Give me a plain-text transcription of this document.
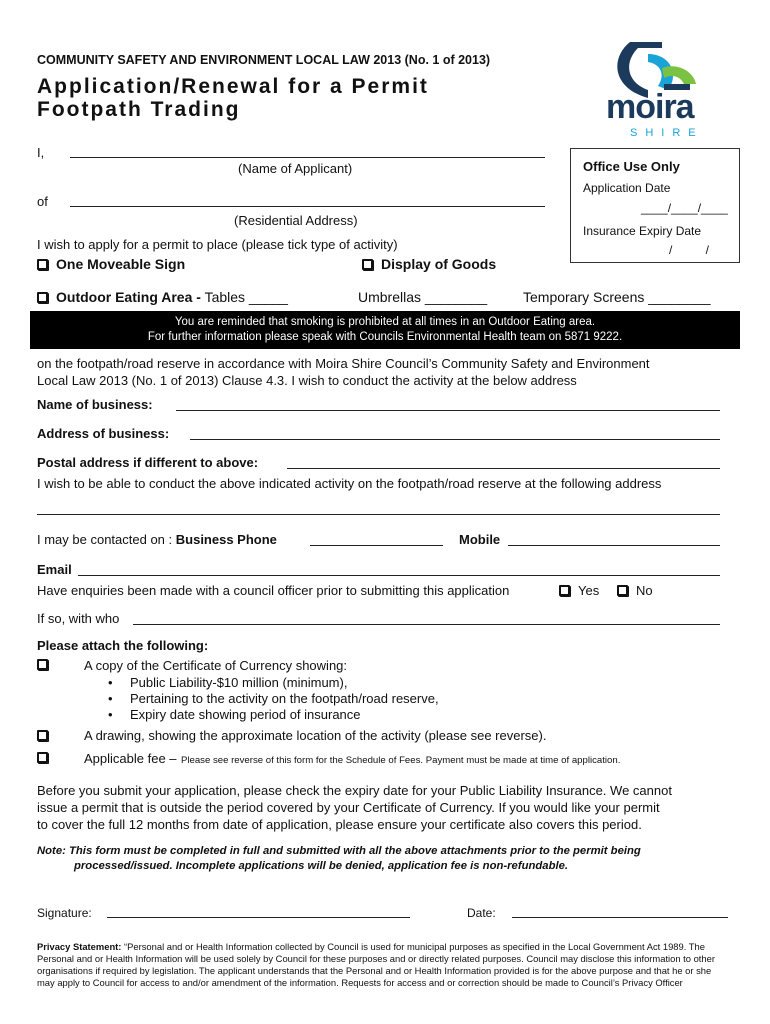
COMMUNITY SAFETY AND ENVIRONMENT LOCAL LAW 2013 (No. 1 of 2013)
Application/Renewal for a Permit
Footpath Trading	moira
SHIRE
I,
(Name of Applicant)
of
(Residential Address)
Office Use Only
Application Date
____/____/____
Insurance Expiry Date
/          /
I wish to apply for a permit to place (please tick type of activity)
One Moveable Sign	Display of Goods
Outdoor Eating Area - Tables _____	Umbrellas ________	Temporary Screens ________
You are reminded that smoking is prohibited at all times in an Outdoor Eating area.
For further information please speak with Councils Environmental Health team on 5871 9222.
on the footpath/road reserve in accordance with Moira Shire Council’s Community Safety and Environment
Local Law 2013 (No. 1 of 2013) Clause 4.3. I wish to conduct the activity at the below address
Name of business:
Address of business:
Postal address if different to above:
I wish to be able to conduct the above indicated activity on the footpath/road reserve at the following address
I may be contacted on : Business Phone	Mobile
Email
Have enquiries been made with a council officer prior to submitting this application	Yes	No
If so, with who
Please attach the following:
A copy of the Certificate of Currency showing:
• Public Liability-$10 million (minimum),
• Pertaining to the activity on the footpath/road reserve,
• Expiry date showing period of insurance
A drawing, showing the approximate location of the activity (please see reverse).
Applicable fee – Please see reverse of this form for the Schedule of Fees. Payment must be made at time of application.
Before you submit your application, please check the expiry date for your Public Liability Insurance. We cannot
issue a permit that is outside the period covered by your Certificate of Currency. If you would like your permit
to cover the full 12 months from date of application, please ensure your certificate also covers this period.
Note: This form must be completed in full and submitted with all the above attachments prior to the permit being
processed/issued. Incomplete applications will be denied, application fee is non-refundable.
Signature:	Date:
Privacy Statement: “Personal and or Health Information collected by Council is used for municipal purposes as specified in the Local Government Act 1989. The Personal and or Health Information will be used solely by Council for these purposes and or directly related purposes. Council may disclose this information to other organisations if required by legislation. The applicant understands that the Personal and or Health Information provided is for the above purpose and that he or she may apply to Council for access to and/or amendment of the information. Requests for access and or correction should be made to Council’s Privacy Officer
